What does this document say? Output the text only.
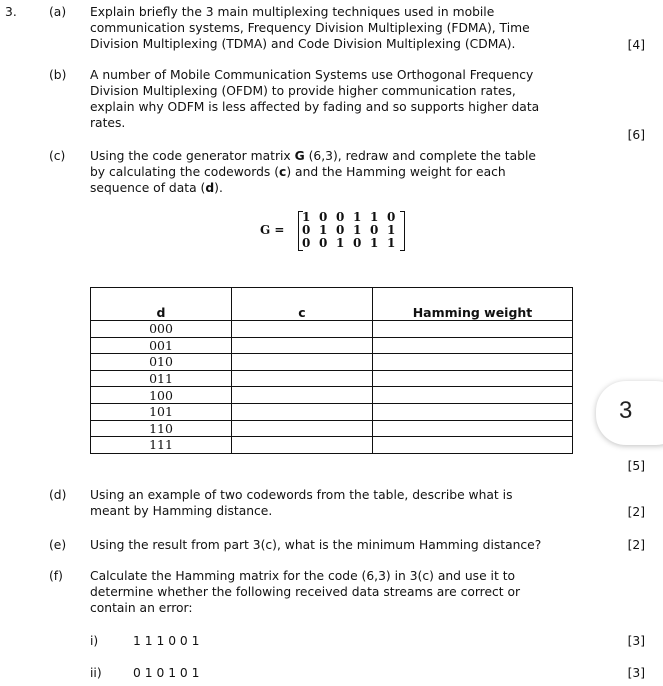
3.	(a) Explain briefly the 3 main multiplexing techniques used in mobile
communication systems, Frequency Division Multiplexing (FDMA), Time
Division Multiplexing (TDMA) and Code Division Multiplexing (CDMA).	[4]
(b) A number of Mobile Communication Systems use Orthogonal Frequency
Division Multiplexing (OFDM) to provide higher communication rates,
explain why ODFM is less affected by fading and so supports higher data
rates.
[6]
(c) Using the code generator matrix G (6,3), redraw and complete the table
by calculating the codewords (c) and the Hamming weight for each
sequence of data (d).
G =
1 0 0 1 1 0
0 1 0 1 0 1
0 0 1 0 1 1
d	c	Hamming weight
000		
001		
010		
011		
100		
101		
110		
111		
3
[5]
(d) Using an example of two codewords from the table, describe what is
meant by Hamming distance.	[2]
(e) Using the result from part 3(c), what is the minimum Hamming distance?	[2]
(f) Calculate the Hamming matrix for the code (6,3) in 3(c) and use it to
determine whether the following received data streams are correct or
contain an error:
i)	1 1 1 0 0 1	[3]
ii)	0 1 0 1 0 1	[3]
